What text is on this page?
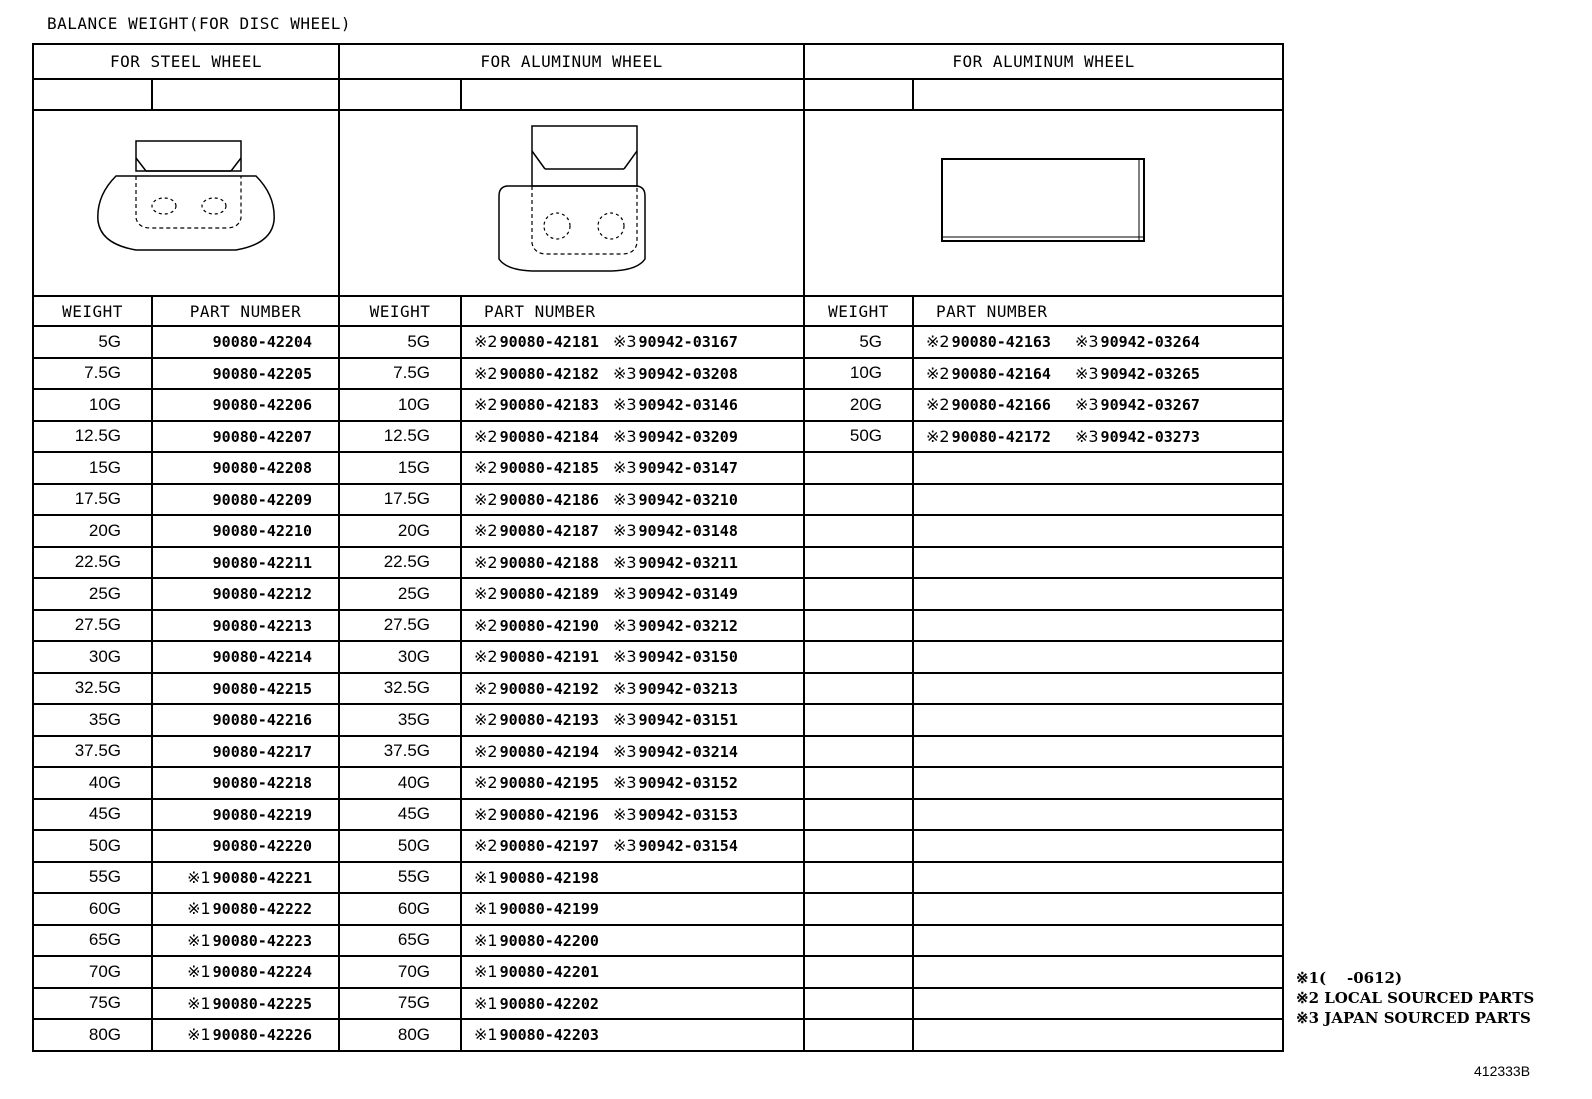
BALANCE WEIGHT(FOR DISC WHEEL)
FOR STEEL WHEEL		FOR ALUMINUM WHEEL		FOR ALUMINUM WHEEL	

WEIGHT	PART NUMBER	WEIGHT	PART NUMBER	WEIGHT	PART NUMBER
5G	90080-42204	5G	※2 90080-42181 ※3 90942-03167	5G	※2 90080-42163 ※3 90942-03264
7.5G	90080-42205	7.5G	※2 90080-42182 ※3 90942-03208	10G	※2 90080-42164 ※3 90942-03265
10G	90080-42206	10G	※2 90080-42183 ※3 90942-03146	20G	※2 90080-42166 ※3 90942-03267
12.5G	90080-42207	12.5G	※2 90080-42184 ※3 90942-03209	50G	※2 90080-42172 ※3 90942-03273
15G	90080-42208	15G	※2 90080-42185 ※3 90942-03147		
17.5G	90080-42209	17.5G	※2 90080-42186 ※3 90942-03210		
20G	90080-42210	20G	※2 90080-42187 ※3 90942-03148		
22.5G	90080-42211	22.5G	※2 90080-42188 ※3 90942-03211		
25G	90080-42212	25G	※2 90080-42189 ※3 90942-03149		
27.5G	90080-42213	27.5G	※2 90080-42190 ※3 90942-03212		
30G	90080-42214	30G	※2 90080-42191 ※3 90942-03150		
32.5G	90080-42215	32.5G	※2 90080-42192 ※3 90942-03213		
35G	90080-42216	35G	※2 90080-42193 ※3 90942-03151		
37.5G	90080-42217	37.5G	※2 90080-42194 ※3 90942-03214		
40G	90080-42218	40G	※2 90080-42195 ※3 90942-03152		
45G	90080-42219	45G	※2 90080-42196 ※3 90942-03153		
50G	90080-42220	50G	※2 90080-42197 ※3 90942-03154		
55G	※1 90080-42221	55G	※1 90080-42198		
60G	※1 90080-42222	60G	※1 90080-42199		
65G	※1 90080-42223	65G	※1 90080-42200		
70G	※1 90080-42224	70G	※1 90080-42201		
75G	※1 90080-42225	75G	※1 90080-42202		
80G	※1 90080-42226	80G	※1 90080-42203		
※1(    -0612)
※2 LOCAL SOURCED PARTS
※3 JAPAN SOURCED PARTS
412333B
